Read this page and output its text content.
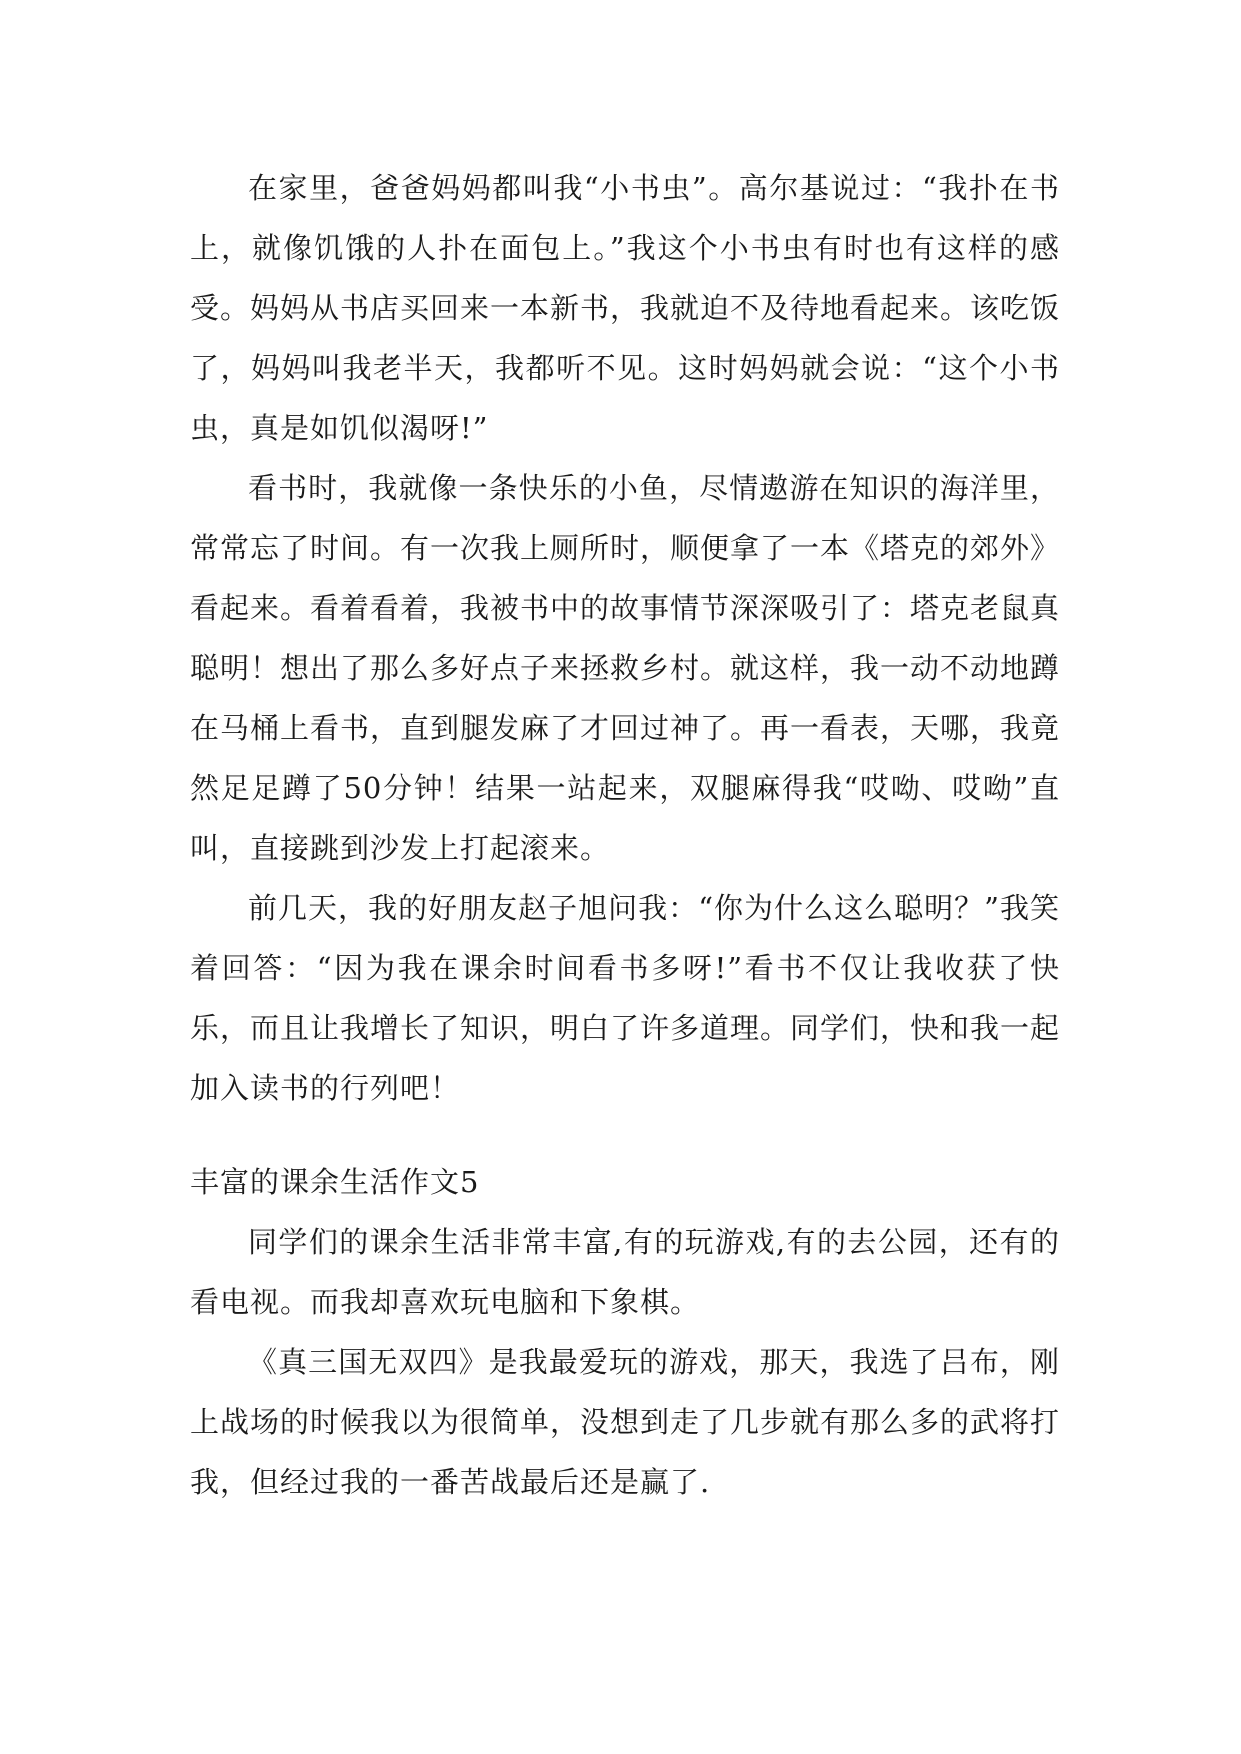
在家里，爸爸妈妈都叫我“小书虫”。高尔基说过：“我扑在书上，就像饥饿的人扑在面包上。”我这个小书虫有时也有这样的感受。妈妈从书店买回来一本新书，我就迫不及待地看起来。该吃饭了，妈妈叫我老半天，我都听不见。这时妈妈就会说：“这个小书虫，真是如饥似渴呀!”

看书时，我就像一条快乐的小鱼，尽情遨游在知识的海洋里，常常忘了时间。有一次我上厕所时，顺便拿了一本《塔克的郊外》看起来。看着看着，我被书中的故事情节深深吸引了：塔克老鼠真聪明！想出了那么多好点子来拯救乡村。就这样，我一动不动地蹲在马桶上看书，直到腿发麻了才回过神了。再一看表，天哪，我竟然足足蹲了50分钟！结果一站起来，双腿麻得我“哎呦、哎呦”直叫，直接跳到沙发上打起滚来。

前几天，我的好朋友赵子旭问我：“你为什么这么聪明？”我笑着回答：“因为我在课余时间看书多呀!”看书不仅让我收获了快乐，而且让我增长了知识，明白了许多道理。同学们，快和我一起加入读书的行列吧！

丰富的课余生活作文5

同学们的课余生活非常丰富,有的玩游戏,有的去公园，还有的看电视。而我却喜欢玩电脑和下象棋。

《真三国无双四》是我最爱玩的游戏，那天，我选了吕布，刚上战场的时候我以为很简单，没想到走了几步就有那么多的武将打我，但经过我的一番苦战最后还是赢了.
